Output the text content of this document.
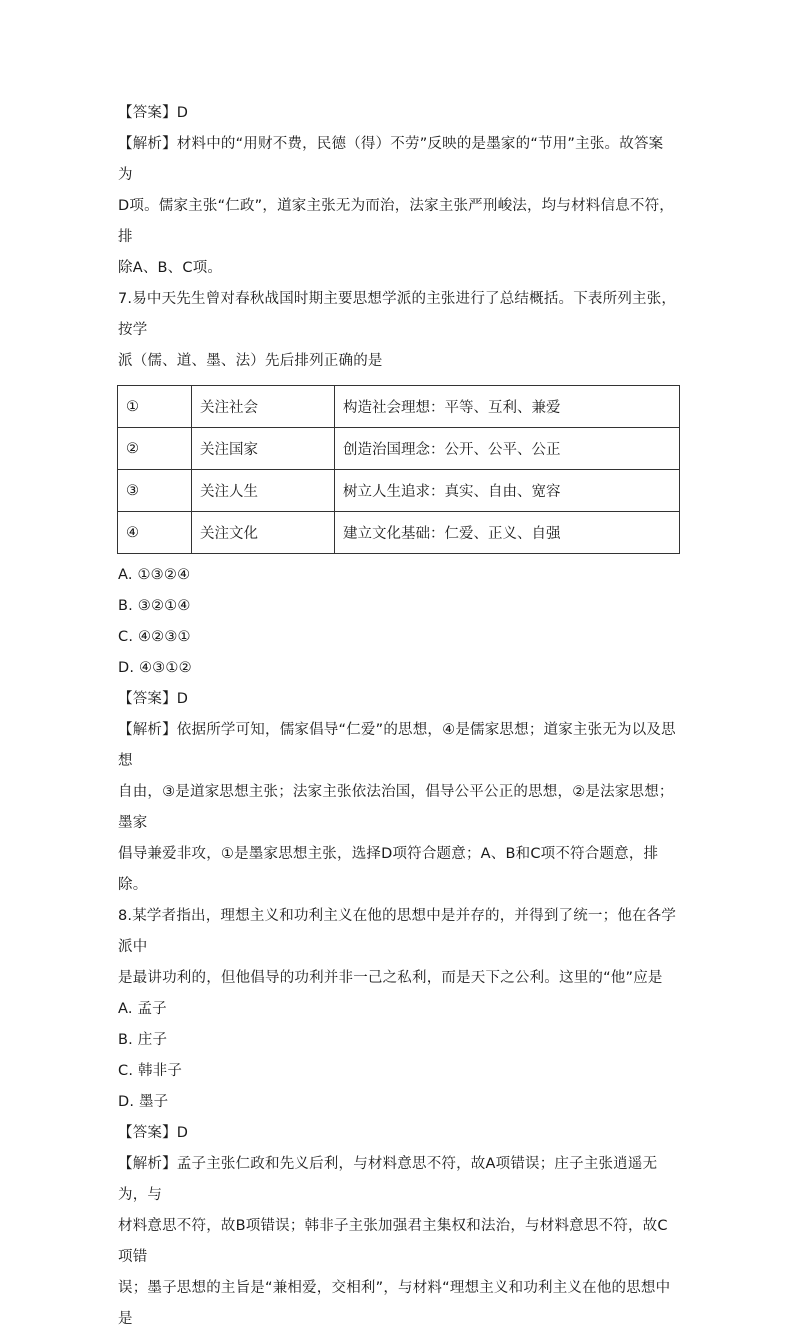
【答案】D

【解析】材料中的“用财不费，民德（得）不劳”反映的是墨家的“节用”主张。故答案为

D项。儒家主张“仁政”，道家主张无为而治，法家主张严刑峻法，均与材料信息不符，排

除A、B、C项。

7.易中天先生曾对春秋战国时期主要思想学派的主张进行了总结概括。下表所列主张，按学

派（儒、道、墨、法）先后排列正确的是

①	关注社会	构造社会理想：平等、互利、兼爱
②	关注国家	创造治国理念：公开、公平、公正
③	关注人生	树立人生追求：真实、自由、宽容
④	关注文化	建立文化基础：仁爱、正义、自强

A. ①③②④

B. ③②①④

C. ④②③①

D. ④③①②

【答案】D

【解析】依据所学可知，儒家倡导“仁爱”的思想，④是儒家思想；道家主张无为以及思想

自由，③是道家思想主张；法家主张依法治国，倡导公平公正的思想，②是法家思想；墨家

倡导兼爱非攻，①是墨家思想主张，选择D项符合题意；A、B和C项不符合题意，排除。

8.某学者指出，理想主义和功利主义在他的思想中是并存的，并得到了统一；他在各学派中

是最讲功利的，但他倡导的功利并非一己之私利，而是天下之公利。这里的“他”应是

A. 孟子

B. 庄子

C. 韩非子

D. 墨子

【答案】D

【解析】孟子主张仁政和先义后利，与材料意思不符，故A项错误；庄子主张逍遥无为，与

材料意思不符，故B项错误；韩非子主张加强君主集权和法治，与材料意思不符，故C项错

误；墨子思想的主旨是“兼相爱，交相利”，与材料“理想主义和功利主义在他的思想中是
